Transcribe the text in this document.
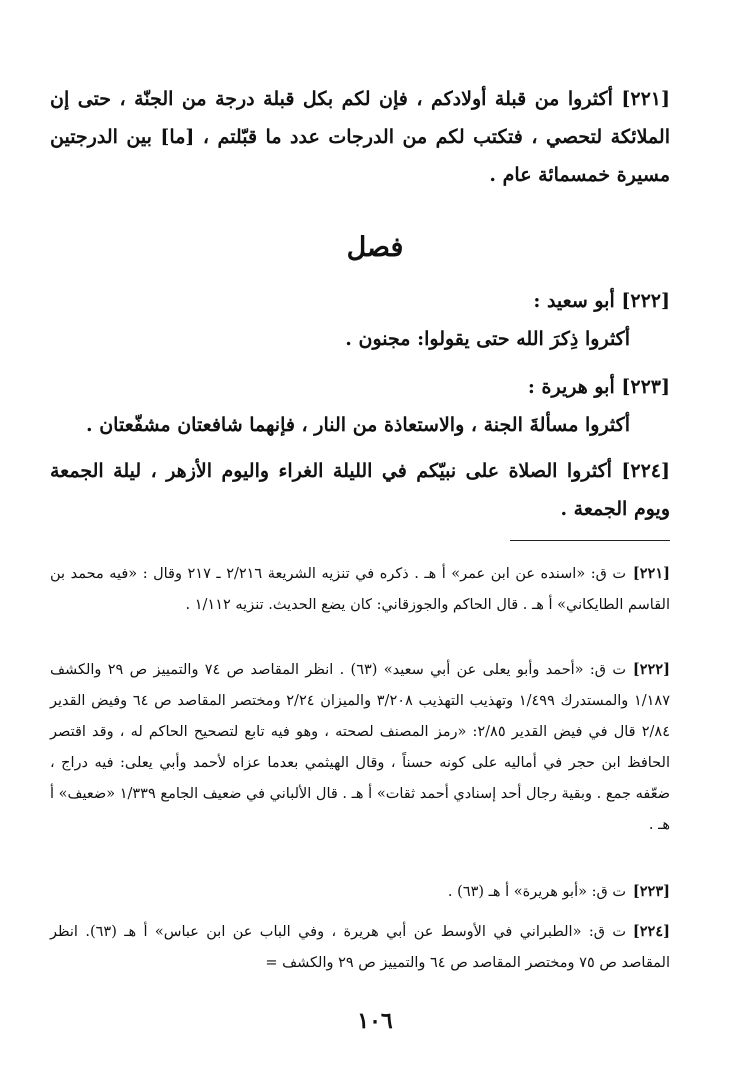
[٢٢١] أكثروا من قبلة أولادكم ، فإن لكم بكل قبلة درجة من الجنّة ، حتى إن الملائكة لتحصي ، فتكتب لكم من الدرجات عدد ما قبّلتم ، [ما] بين الدرجتين مسيرة خمسمائة عام .
فصل
[٢٢٢] أبو سعيد :
أكثروا ذِكرَ الله حتى يقولوا: مجنون .
[٢٢٣] أبو هريرة :
أكثروا مسألةَ الجنة ، والاستعاذة من النار ، فإنهما شافعتان مشفّعتان .
[٢٢٤] أكثروا الصلاة على نبيّكم في الليلة الغراء واليوم الأزهر ، ليلة الجمعة ويوم الجمعة .
[٢٢١]ت ق: «اسنده عن ابن عمر» أ هـ . ذكره في تنزيه الشريعة ٢/٢١٦ ـ ٢١٧ وقال : «فيه محمد بن القاسم الطايكاني» أ هـ . قال الحاكم والجوزقاني: كان يضع الحديث. تنزيه ١/١١٢ .
[٢٢٢]ت ق: «أحمد وأبو يعلى عن أبي سعيد» (٦٣) . انظر المقاصد ص ٧٤ والتمييز ص ٢٩ والكشف ١/١٨٧ والمستدرك ١/٤٩٩ وتهذيب التهذيب ٣/٢٠٨ والميزان ٢/٢٤ ومختصر المقاصد ص ٦٤ وفيض القدير ٢/٨٤ قال في فيض القدير ٢/٨٥: «رمز المصنف لصحته ، وهو فيه تابع لتصحيح الحاكم له ، وقد اقتصر الحافظ ابن حجر في أماليه على كونه حسناً ، وقال الهيثمي بعدما عزاه لأحمد وأبي يعلى: فيه دراج ، ضعّفه جمع . وبقية رجال أحد إسنادي أحمد ثقات» أ هـ . قال الألباني في ضعيف الجامع ١/٣٣٩ «ضعيف» أ هـ .
[٢٢٣]ت ق: «أبو هريرة» أ هـ (٦٣) .
[٢٢٤]ت ق: «الطبراني في الأوسط عن أبي هريرة ، وفي الباب عن ابن عباس» أ هـ (٦٣). انظر المقاصد ص ٧٥ ومختصر المقاصد ص ٦٤ والتمييز ص ٢٩ والكشف =
١٠٦
